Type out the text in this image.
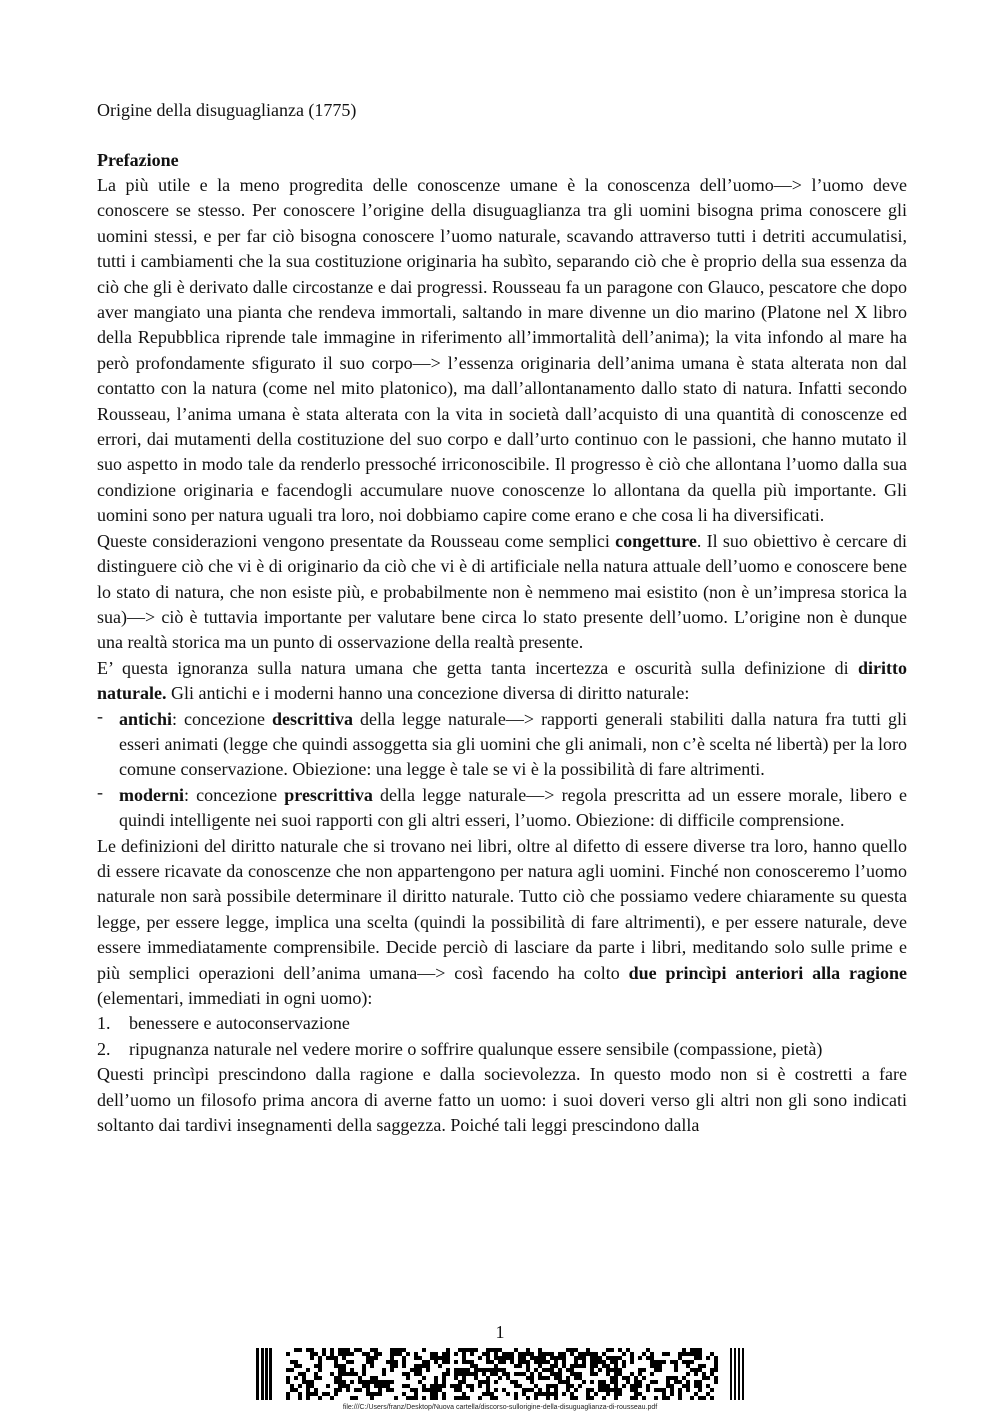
Origine della disuguaglianza (1775)

Prefazione

La più utile e la meno progredita delle conoscenze umane è la conoscenza dell’uomo—> l’uomo deve conoscere se stesso. Per conoscere l’origine della disuguaglianza tra gli uomini bisogna prima conoscere gli uomini stessi, e per far ciò bisogna conoscere l’uomo naturale, scavando attraverso tutti i detriti accumulatisi, tutti i cambiamenti che la sua costituzione originaria ha subìto, separando ciò che è proprio della sua essenza da ciò che gli è derivato dalle circostanze e dai progressi. Rousseau fa un paragone con Glauco, pescatore che dopo aver mangiato una pianta che rendeva immortali, saltando in mare divenne un dio marino (Platone nel X libro della Repubblica riprende tale immagine in riferimento all’immortalità dell’anima); la vita infondo al mare ha però profondamente sfigurato il suo corpo—> l’essenza originaria dell’anima umana è stata alterata non dal contatto con la natura (come nel mito platonico), ma dall’allontanamento dallo stato di natura. Infatti secondo Rousseau, l’anima umana è stata alterata con la vita in società dall’acquisto di una quantità di conoscenze ed errori, dai mutamenti della costituzione del suo corpo e dall’urto continuo con le passioni, che hanno mutato il suo aspetto in modo tale da renderlo pressoché irriconoscibile. Il progresso è ciò che allontana l’uomo dalla sua condizione originaria e facendogli accumulare nuove conoscenze lo allontana da quella più importante. Gli uomini sono per natura uguali tra loro, noi dobbiamo capire come erano e che cosa li ha diversificati.

Queste considerazioni vengono presentate da Rousseau come semplici congetture. Il suo obiettivo è cercare di distinguere ciò che vi è di originario da ciò che vi è di artificiale nella natura attuale dell’uomo e conoscere bene lo stato di natura, che non esiste più, e probabilmente non è nemmeno mai esistito (non è un’impresa storica la sua)—> ciò è tuttavia importante per valutare bene circa lo stato presente dell’uomo. L’origine non è dunque una realtà storica ma un punto di osservazione della realtà presente.

E’ questa ignoranza sulla natura umana che getta tanta incertezza e oscurità sulla definizione di diritto naturale. Gli antichi e i moderni hanno una concezione diversa di diritto naturale:

- antichi: concezione descrittiva della legge naturale—> rapporti generali stabiliti dalla natura fra tutti gli esseri animati (legge che quindi assoggetta sia gli uomini che gli animali, non c’è scelta né libertà) per la loro comune conservazione. Obiezione: una legge è tale se vi è la possibilità di fare altrimenti.
- moderni: concezione prescrittiva della legge naturale—> regola prescritta ad un essere morale, libero e quindi intelligente nei suoi rapporti con gli altri esseri, l’uomo. Obiezione: di difficile comprensione.

Le definizioni del diritto naturale che si trovano nei libri, oltre al difetto di essere diverse tra loro, hanno quello di essere ricavate da conoscenze che non appartengono per natura agli uomini. Finché non conosceremo l’uomo naturale non sarà possibile determinare il diritto naturale. Tutto ciò che possiamo vedere chiaramente su questa legge, per essere legge, implica una scelta (quindi la possibilità di fare altrimenti), e per essere naturale, deve essere immediatamente comprensibile. Decide perciò di lasciare da parte i libri, meditando solo sulle prime e più semplici operazioni dell’anima umana—> così facendo ha colto due princìpi anteriori alla ragione (elementari, immediati in ogni uomo):

1.	benessere e autoconservazione
2.	ripugnanza naturale nel vedere morire o soffrire qualunque essere sensibile (compassione, pietà)

Questi princìpi prescindono dalla ragione e dalla socievolezza. In questo modo non si è costretti a fare dell’uomo un filosofo prima ancora di averne fatto un uomo: i suoi doveri verso gli altri non gli sono indicati soltanto dai tardivi insegnamenti della saggezza. Poiché tali leggi prescindono dalla

1
file:///C:/Users/franz/Desktop/Nuova cartella/discorso-sullorigine-della-disuguaglianza-di-rousseau.pdf
